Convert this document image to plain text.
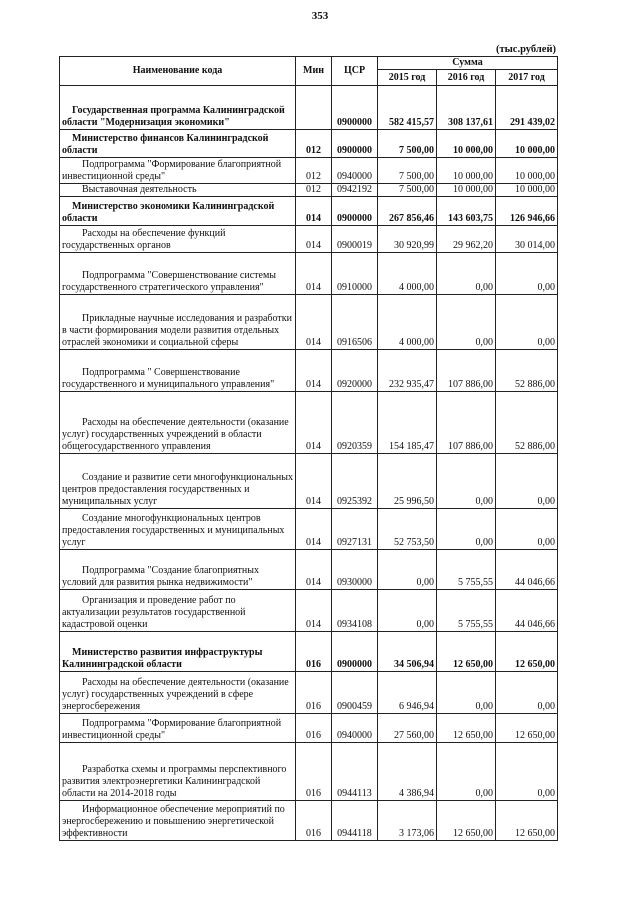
353
(тыс.рублей)
Наименование кода	Мин	ЦСР	Сумма		
			2015 год	2016 год	2017 год
Государственная программа Калининградской области "Модернизация экономики"		0900000	582 415,57	308 137,61	291 439,02
Министерство финансов Калининградской области	012	0900000	7 500,00	10 000,00	10 000,00
Подпрограмма "Формирование благоприятной инвестиционной среды"	012	0940000	7 500,00	10 000,00	10 000,00
Выставочная деятельность	012	0942192	7 500,00	10 000,00	10 000,00
Министерство экономики Калининградской области	014	0900000	267 856,46	143 603,75	126 946,66
Расходы на обеспечение функций государственных органов	014	0900019	30 920,99	29 962,20	30 014,00
Подпрограмма "Совершенствование системы государственного стратегического управления"	014	0910000	4 000,00	0,00	0,00
Прикладные научные исследования и разработки в части формирования модели развития отдельных отраслей экономики и социальной сферы	014	0916506	4 000,00	0,00	0,00
Подпрограмма " Совершенствование государственного и муниципального управления"	014	0920000	232 935,47	107 886,00	52 886,00
Расходы на обеспечение деятельности (оказание услуг) государственных учреждений в области общегосударственного управления	014	0920359	154 185,47	107 886,00	52 886,00
Создание и развитие сети многофункциональных центров предоставления государственных и муниципальных услуг	014	0925392	25 996,50	0,00	0,00
Создание многофункциональных центров предоставления государственных и муниципальных услуг	014	0927131	52 753,50	0,00	0,00
Подпрограмма "Создание благоприятных условий для развития рынка недвижимости"	014	0930000	0,00	5 755,55	44 046,66
Организация и проведение работ по актуализации результатов государственной кадастровой оценки	014	0934108	0,00	5 755,55	44 046,66
Министерство развития инфраструктуры Калининградской области	016	0900000	34 506,94	12 650,00	12 650,00
Расходы на обеспечение деятельности (оказание услуг) государственных учреждений в сфере энергосбережения	016	0900459	6 946,94	0,00	0,00
Подпрограмма "Формирование благоприятной инвестиционной среды"	016	0940000	27 560,00	12 650,00	12 650,00
Разработка схемы и программы перспективного развития электроэнергетики Калининградской области на 2014-2018 годы	016	0944113	4 386,94	0,00	0,00
Информационное обеспечение мероприятий по энергосбережению и повышению энергетической эффективности	016	0944118	3 173,06	12 650,00	12 650,00
